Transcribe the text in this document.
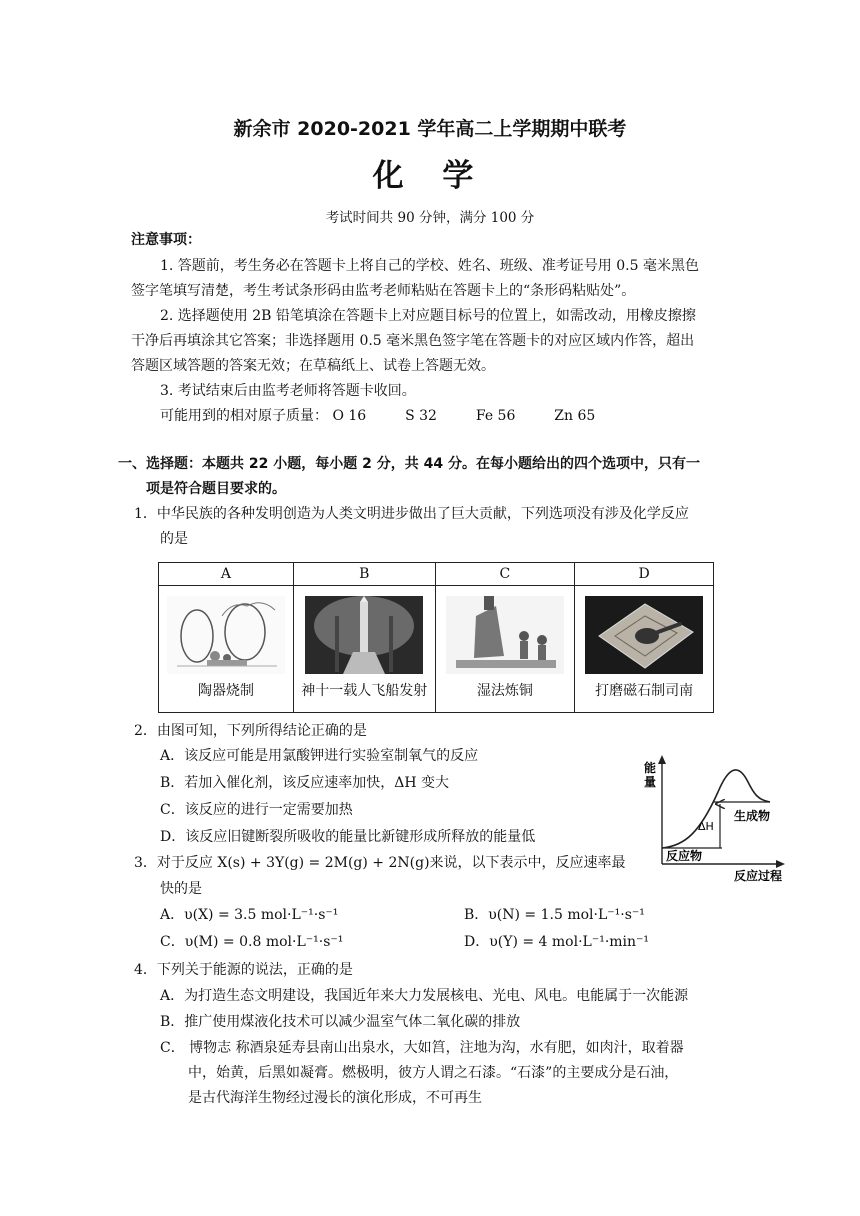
新余市 2020-2021 学年高二上学期期中联考
化 学
考试时间共 90 分钟，满分 100 分
注意事项：
1. 答题前，考生务必在答题卡上将自己的学校、姓名、班级、准考证号用 0.5 毫米黑色
签字笔填写清楚，考生考试条形码由监考老师粘贴在答题卡上的“条形码粘贴处”。
2. 选择题使用 2B 铅笔填涂在答题卡上对应题目标号的位置上，如需改动，用橡皮擦擦
干净后再填涂其它答案；非选择题用 0.5 毫米黑色签字笔在答题卡的对应区域内作答，超出
答题区域答题的答案无效；在草稿纸上、试卷上答题无效。
3. 考试结束后由监考老师将答题卡收回。
可能用到的相对原子质量： O 16	S 32	Fe 56	Zn 65
一、选择题：本题共 22 小题，每小题 2 分，共 44 分。在每小题给出的四个选项中，只有一
项是符合题目要求的。
1．中华民族的各种发明创造为人类文明进步做出了巨大贡献，下列选项没有涉及化学反应
的是
A	B	C	D

陶器烧制	神十一载人飞船发射	湿法炼铜	打磨磁石制司南
2．由图可知，下列所得结论正确的是
A．该反应可能是用氯酸钾进行实验室制氧气的反应
B．若加入催化剂，该反应速率加快，ΔH 变大
C．该反应的进行一定需要加热
D．该反应旧键断裂所吸收的能量比新键形成所释放的能量低
能
量
ΔH
生成物
反应物
反应过程
3．对于反应 X(s) + 3Y(g) = 2M(g) + 2N(g)来说，以下表示中，反应速率最
快的是
A．υ(X) = 3.5 mol·L⁻¹·s⁻¹	B．υ(N) = 1.5 mol·L⁻¹·s⁻¹
C．υ(M) = 0.8 mol·L⁻¹·s⁻¹	D．υ(Y) = 4 mol·L⁻¹·min⁻¹
4．下列关于能源的说法，正确的是
A．为打造生态文明建设，我国近年来大力发展核电、光电、风电。电能属于一次能源
B．推广使用煤液化技术可以减少温室气体二氧化碳的排放
C． 博物志 称酒泉延寿县南山出泉水，大如筥，注地为沟，水有肥，如肉汁，取着器
中，始黄，后黑如凝膏。燃极明，彼方人谓之石漆。“石漆”的主要成分是石油，
是古代海洋生物经过漫长的演化形成，不可再生
